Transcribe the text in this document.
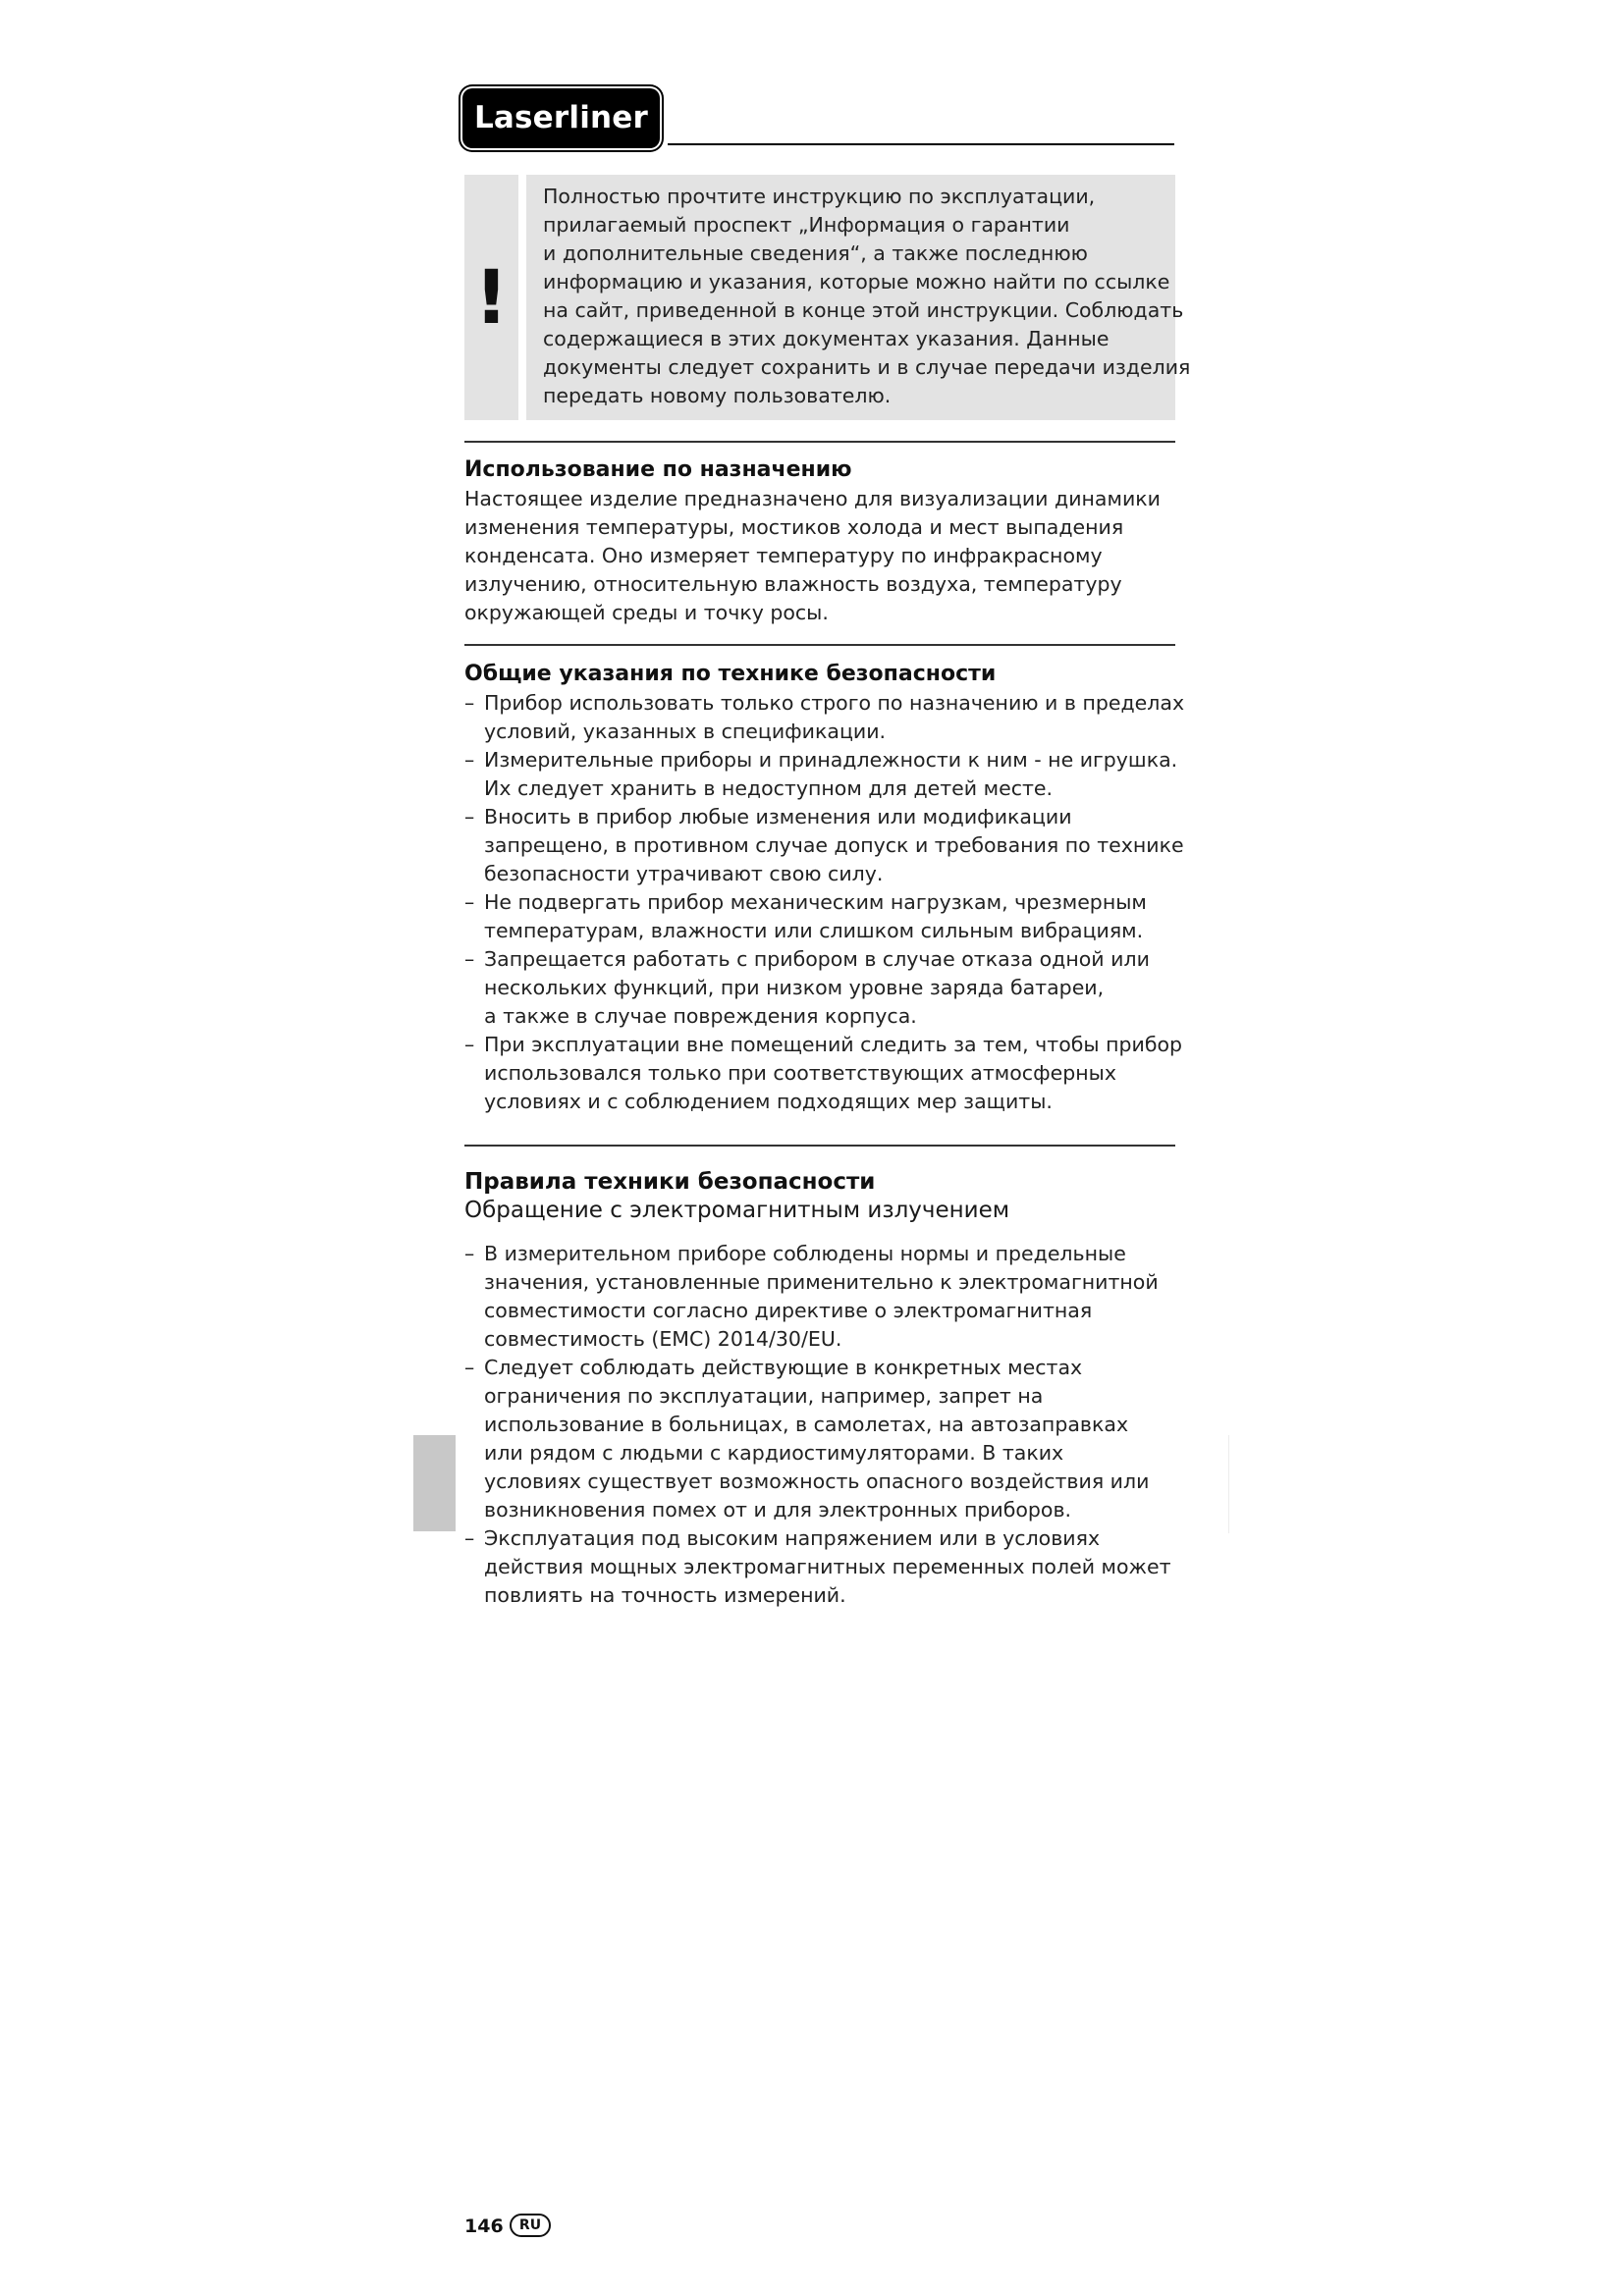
Laserliner
!
Полностью прочтите инструкцию по эксплуатации,
прилагаемый проспект „Информация о гарантии
и дополнительные сведения“, а также последнюю
информацию и указания, которые можно найти по ссылке
на сайт, приведенной в конце этой инструкции. Соблюдать
содержащиеся в этих документах указания. Данные
документы следует сохранить и в случае передачи изделия
передать новому пользователю.
Использование по назначению
Настоящее изделие предназначено для визуализации динамики
изменения температуры, мостиков холода и мест выпадения
конденсата. Оно измеряет температуру по инфракрасному
излучению, относительную влажность воздуха, температуру
окружающей среды и точку росы.
Общие указания по технике безопасности
– Прибор использовать только строго по назначению и в пределах
условий, указанных в спецификации.
– Измерительные приборы и принадлежности к ним - не игрушка.
Их следует хранить в недоступном для детей месте.
– Вносить в прибор любые изменения или модификации
запрещено, в противном случае допуск и требования по технике
безопасности утрачивают свою силу.
– Не подвергать прибор механическим нагрузкам, чрезмерным
температурам, влажности или слишком сильным вибрациям.
– Запрещается работать с прибором в случае отказа одной или
нескольких функций, при низком уровне заряда батареи,
а также в случае повреждения корпуса.
– При эксплуатации вне помещений следить за тем, чтобы прибор
использовался только при соответствующих атмосферных
условиях и с соблюдением подходящих мер защиты.
Правила техники безопасности
Обращение с электромагнитным излучением
– В измерительном приборе соблюдены нормы и предельные
значения, установленные применительно к электромагнитной
совместимости согласно директиве о электромагнитная
совместимость (EMC) 2014/30/EU.
– Следует соблюдать действующие в конкретных местах
ограничения по эксплуатации, например, запрет на
использование в больницах, в самолетах, на автозаправках
или рядом с людьми с кардиостимуляторами. В таких
условиях существует возможность опасного воздействия или
возникновения помех от и для электронных приборов.
– Эксплуатация под высоким напряжением или в условиях
действия мощных электромагнитных переменных полей может
повлиять на точность измерений.
146	RU
